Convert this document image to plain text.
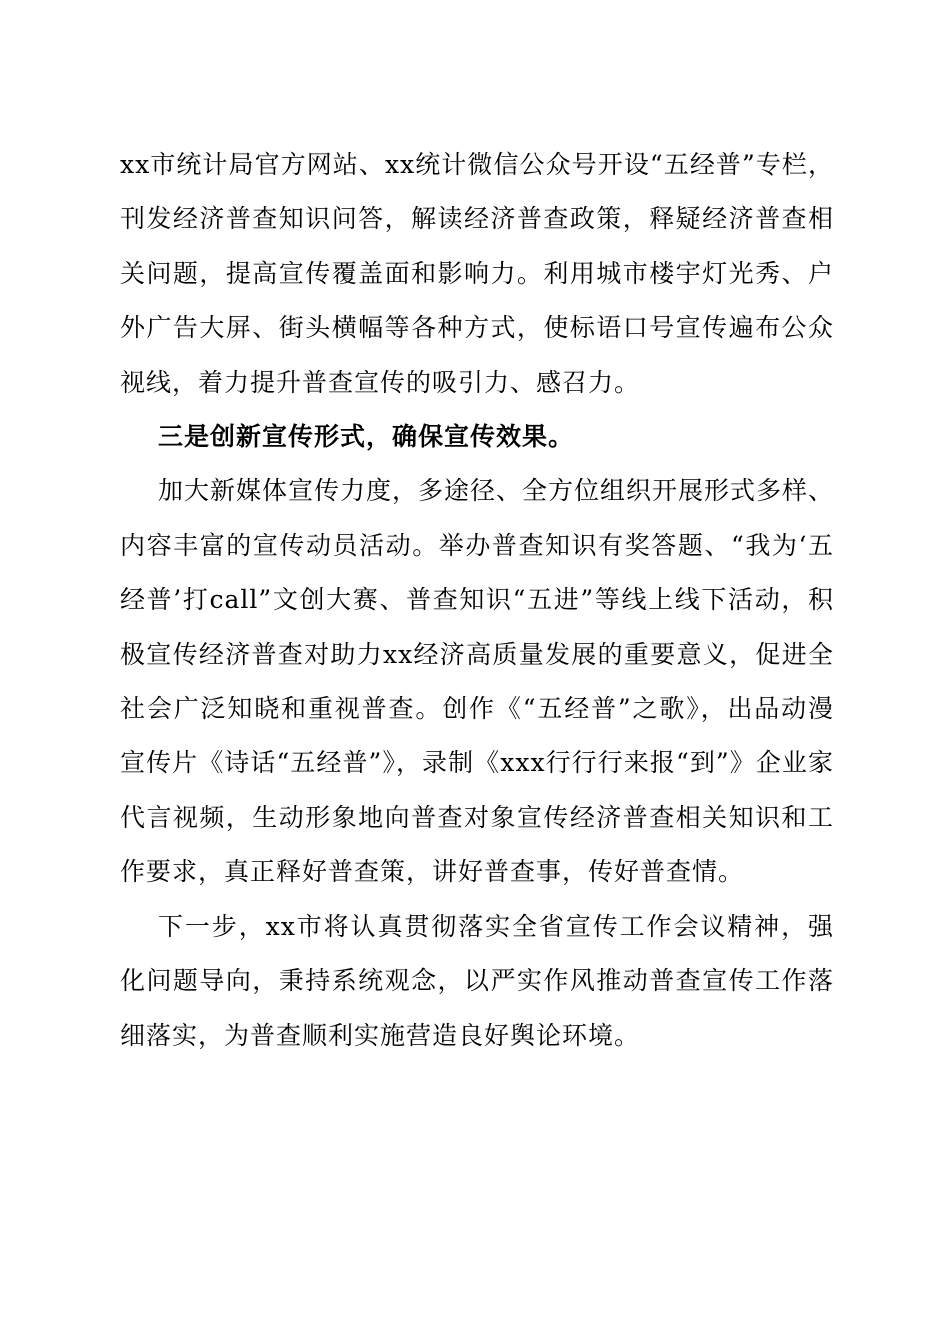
xx市统计局官方网站、xx统计微信公众号开设“五经普”专栏，刊发经济普查知识问答，解读经济普查政策，释疑经济普查相关问题，提高宣传覆盖面和影响力。利用城市楼宇灯光秀、户外广告大屏、街头横幅等各种方式，使标语口号宣传遍布公众视线，着力提升普查宣传的吸引力、感召力。

三是创新宣传形式，确保宣传效果。

加大新媒体宣传力度，多途径、全方位组织开展形式多样、内容丰富的宣传动员活动。举办普查知识有奖答题、“我为‘五经普’打call”文创大赛、普查知识“五进”等线上线下活动，积极宣传经济普查对助力xx经济高质量发展的重要意义，促进全社会广泛知晓和重视普查。创作《“五经普”之歌》，出品动漫宣传片《诗话“五经普”》，录制《xxx行行行来报“到”》企业家代言视频，生动形象地向普查对象宣传经济普查相关知识和工作要求，真正释好普查策，讲好普查事，传好普查情。

下一步，xx市将认真贯彻落实全省宣传工作会议精神，强化问题导向，秉持系统观念，以严实作风推动普查宣传工作落细落实，为普查顺利实施营造良好舆论环境。
